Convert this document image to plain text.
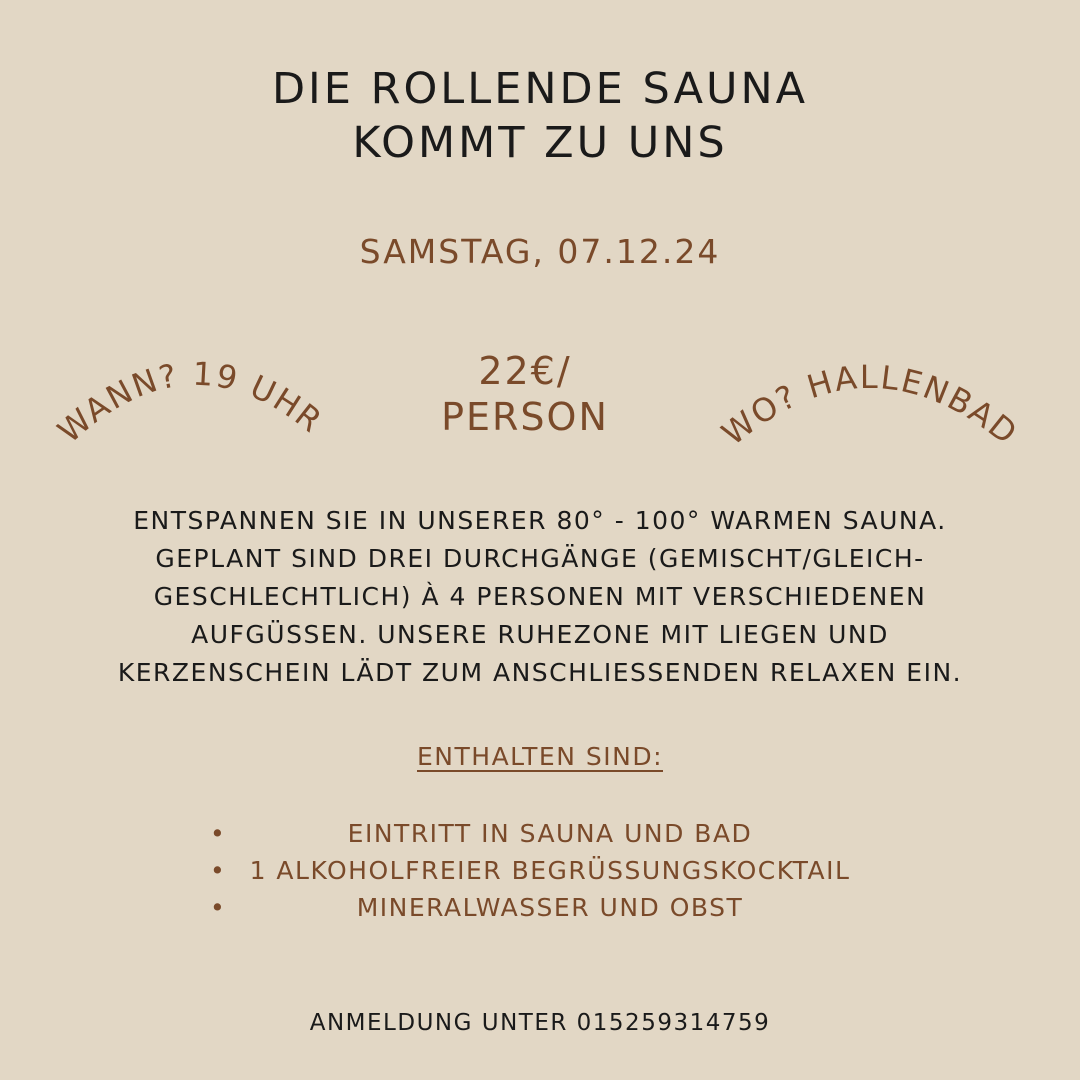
DIE ROLLENDE SAUNA
KOMMT ZU UNS
SAMSTAG, 07.12.24
WANN? 19 UHR
22€/
PERSON	WO? HALLENBAD
ENTSPANNEN SIE IN UNSERER 80° - 100° WARMEN SAUNA.
GEPLANT SIND DREI DURCHGÄNGE (GEMISCHT/GLEICH-
GESCHLECHTLICH) À 4 PERSONEN MIT VERSCHIEDENEN
AUFGÜSSEN. UNSERE RUHEZONE MIT LIEGEN UND
KERZENSCHEIN LÄDT ZUM ANSCHLIESSENDEN RELAXEN EIN.
ENTHALTEN SIND:
•	EINTRITT IN SAUNA UND BAD
• 1 ALKOHOLFREIER BEGRÜSSUNGSKOCKTAIL
•	MINERALWASSER UND OBST
ANMELDUNG UNTER 015259314759
